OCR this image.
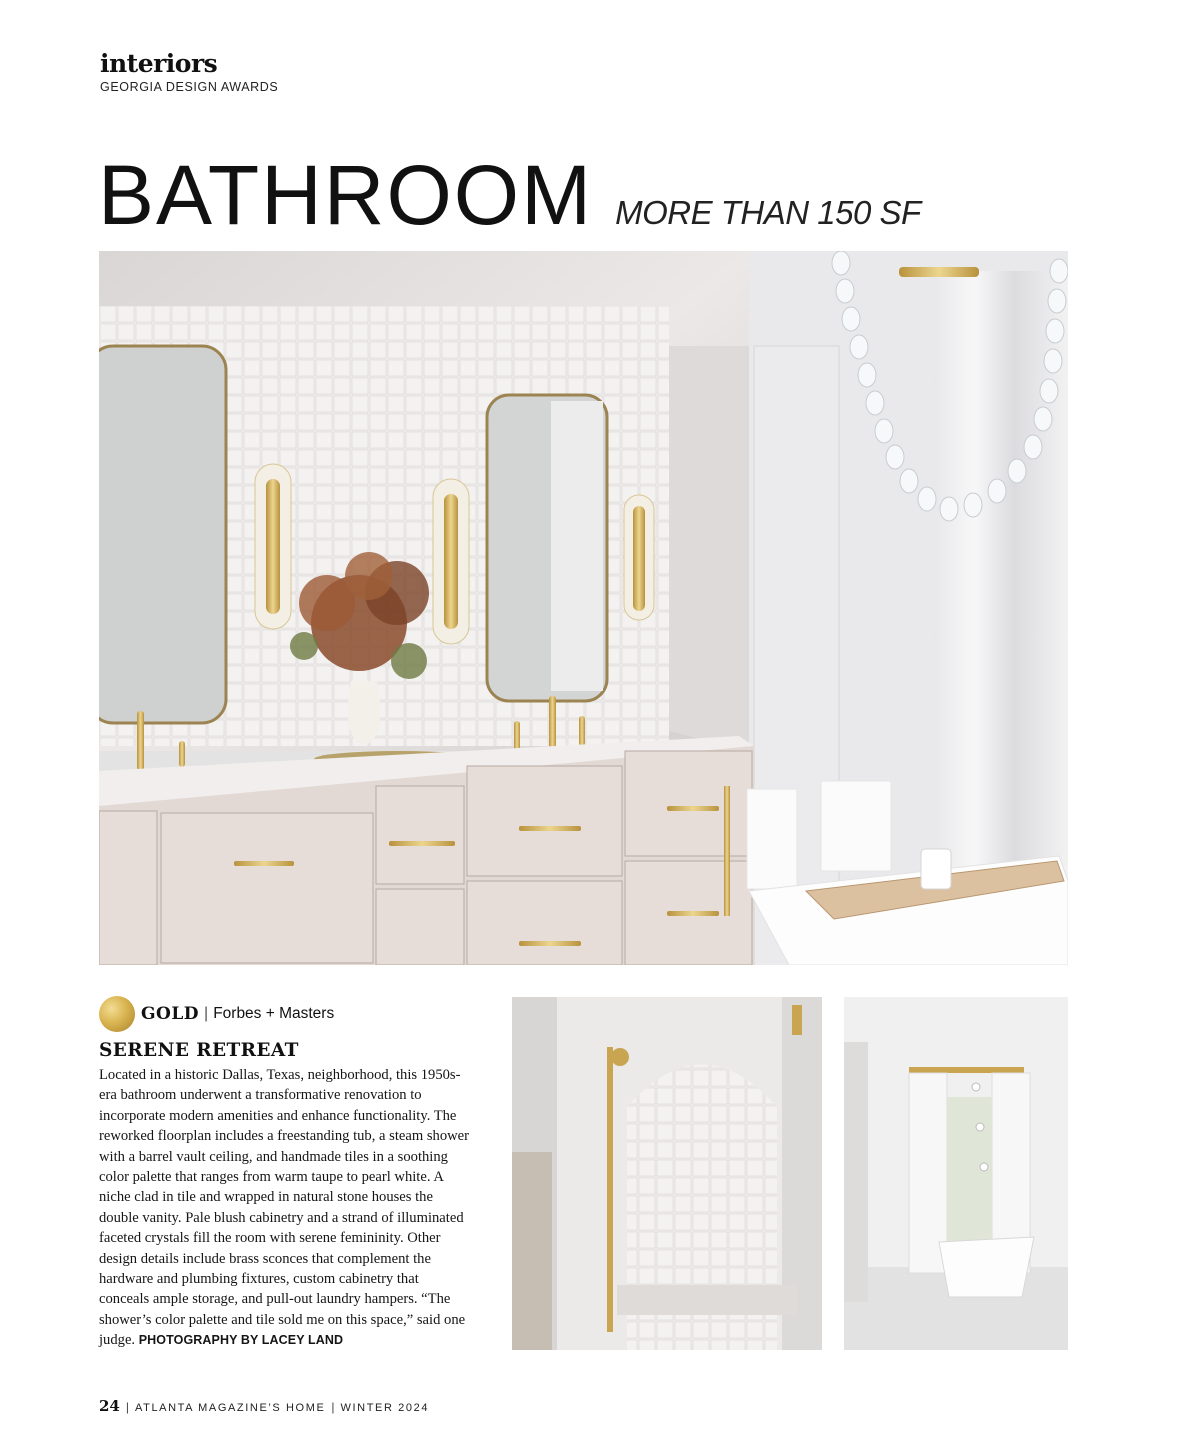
interiors
GEORGIA DESIGN AWARDS
BATHROOM MORE THAN 150 SF
GOLD | Forbes + Masters
SERENE RETREAT
Located in a historic Dallas, Texas, neighborhood, this 1950s-era bathroom underwent a transformative renovation to incorporate modern amenities and enhance functionality. The reworked floorplan includes a freestanding tub, a steam shower with a barrel vault ceiling, and handmade tiles in a soothing color palette that ranges from warm taupe to pearl white. A niche clad in tile and wrapped in natural stone houses the double vanity. Pale blush cabinetry and a strand of illuminated faceted crystals fill the room with serene femininity. Other design details include brass sconces that complement the hardware and plumbing fixtures, custom cabinetry that conceals ample storage, and pull-out laundry hampers. “The shower’s color palette and tile sold me on this space,” said one judge. PHOTOGRAPHY BY LACEY LAND
24 | ATLANTA MAGAZINE’S HOME | WINTER 2024
